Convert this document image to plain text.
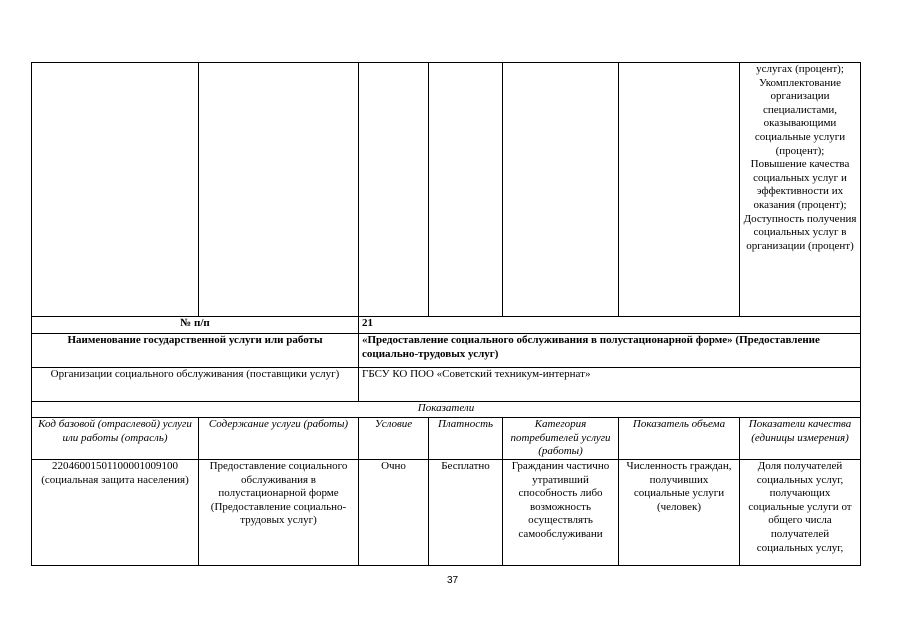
						услугах (процент);
Укомплектование организации специалистами, оказывающими социальные услуги (процент);
Повышение качества социальных услуг и эффективности их оказания (процент);
Доступность получения социальных услуг в организации (процент)
№ п/п		21				
Наименование государственной услуги или работы		«Предоставление социального обслуживания в полустационарной форме» (Предоставление социально-трудовых услуг)				
Организации социального обслуживания (поставщики услуг)		ГБСУ КО ПОО «Советский техникум-интернат»				
Показатели						
Код базовой (отраслевой) услуги или работы (отрасль)	Содержание услуги (работы)	Условие	Платность	Категория потребителей услуги (работы)	Показатель объема	Показатели качества (единицы измерения)
22046001501100001009100 (социальная защита населения)	Предоставление социального обслуживания в полустационарной форме (Предоставление социально-трудовых услуг)	Очно	Бесплатно	Гражданин частично утративший способность либо возможность осуществлять самообслуживани	Численность граждан, получивших социальные услуги (человек)	Доля получателей социальных услуг, получающих социальные услуги от общего числа получателей социальных услуг,
37
